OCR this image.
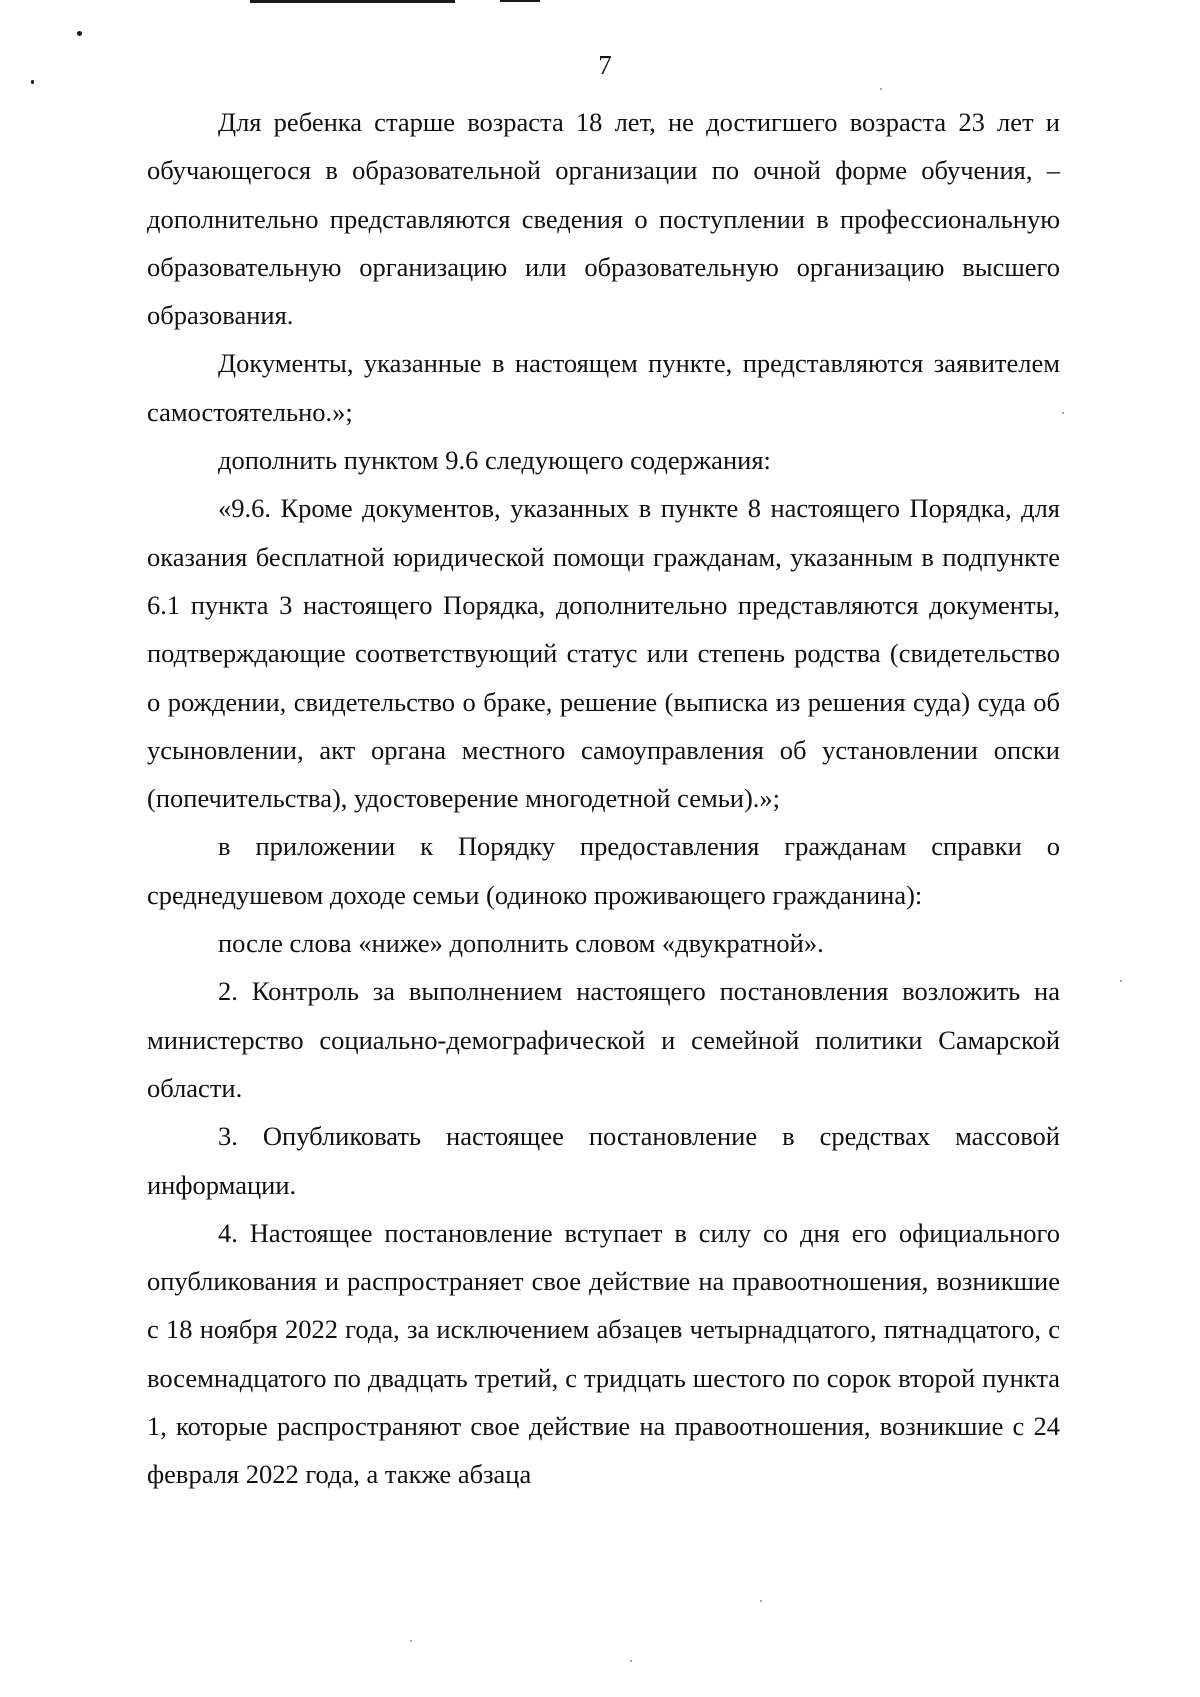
7

Для ребенка старше возраста 18 лет, не достигшего возраста 23 лет и обучающегося в образовательной организации по очной форме обучения, – дополнительно представляются сведения о поступлении в профессиональную образовательную организацию или образовательную организацию высшего образования.

Документы, указанные в настоящем пункте, представляются заявителем самостоятельно.»;

дополнить пунктом 9.6 следующего содержания:

«9.6. Кроме документов, указанных в пункте 8 настоящего Порядка, для оказания бесплатной юридической помощи гражданам, указанным в подпункте 6.1 пункта 3 настоящего Порядка, дополнительно представляются документы, подтверждающие соответствующий статус или степень родства (свидетельство о рождении, свидетельство о браке, решение (выписка из решения суда) суда об усыновлении, акт органа местного самоуправления об установлении опски (попечительства), удостоверение многодетной семьи).»;

в приложении к Порядку предоставления гражданам справки о среднедушевом доходе семьи (одиноко проживающего гражданина):

после слова «ниже» дополнить словом «двукратной».

2. Контроль за выполнением настоящего постановления возложить на министерство социально-демографической и семейной политики Самарской области.

3. Опубликовать настоящее постановление в средствах массовой информации.

4. Настоящее постановление вступает в силу со дня его официального опубликования и распространяет свое действие на правоотношения, возникшие с 18 ноября 2022 года, за исключением абзацев четырнадцатого, пятнадцатого, с восемнадцатого по двадцать третий, с тридцать шестого по сорок второй пункта 1, которые распространяют свое действие на правоотношения, возникшие с 24 февраля 2022 года, а также абзаца
